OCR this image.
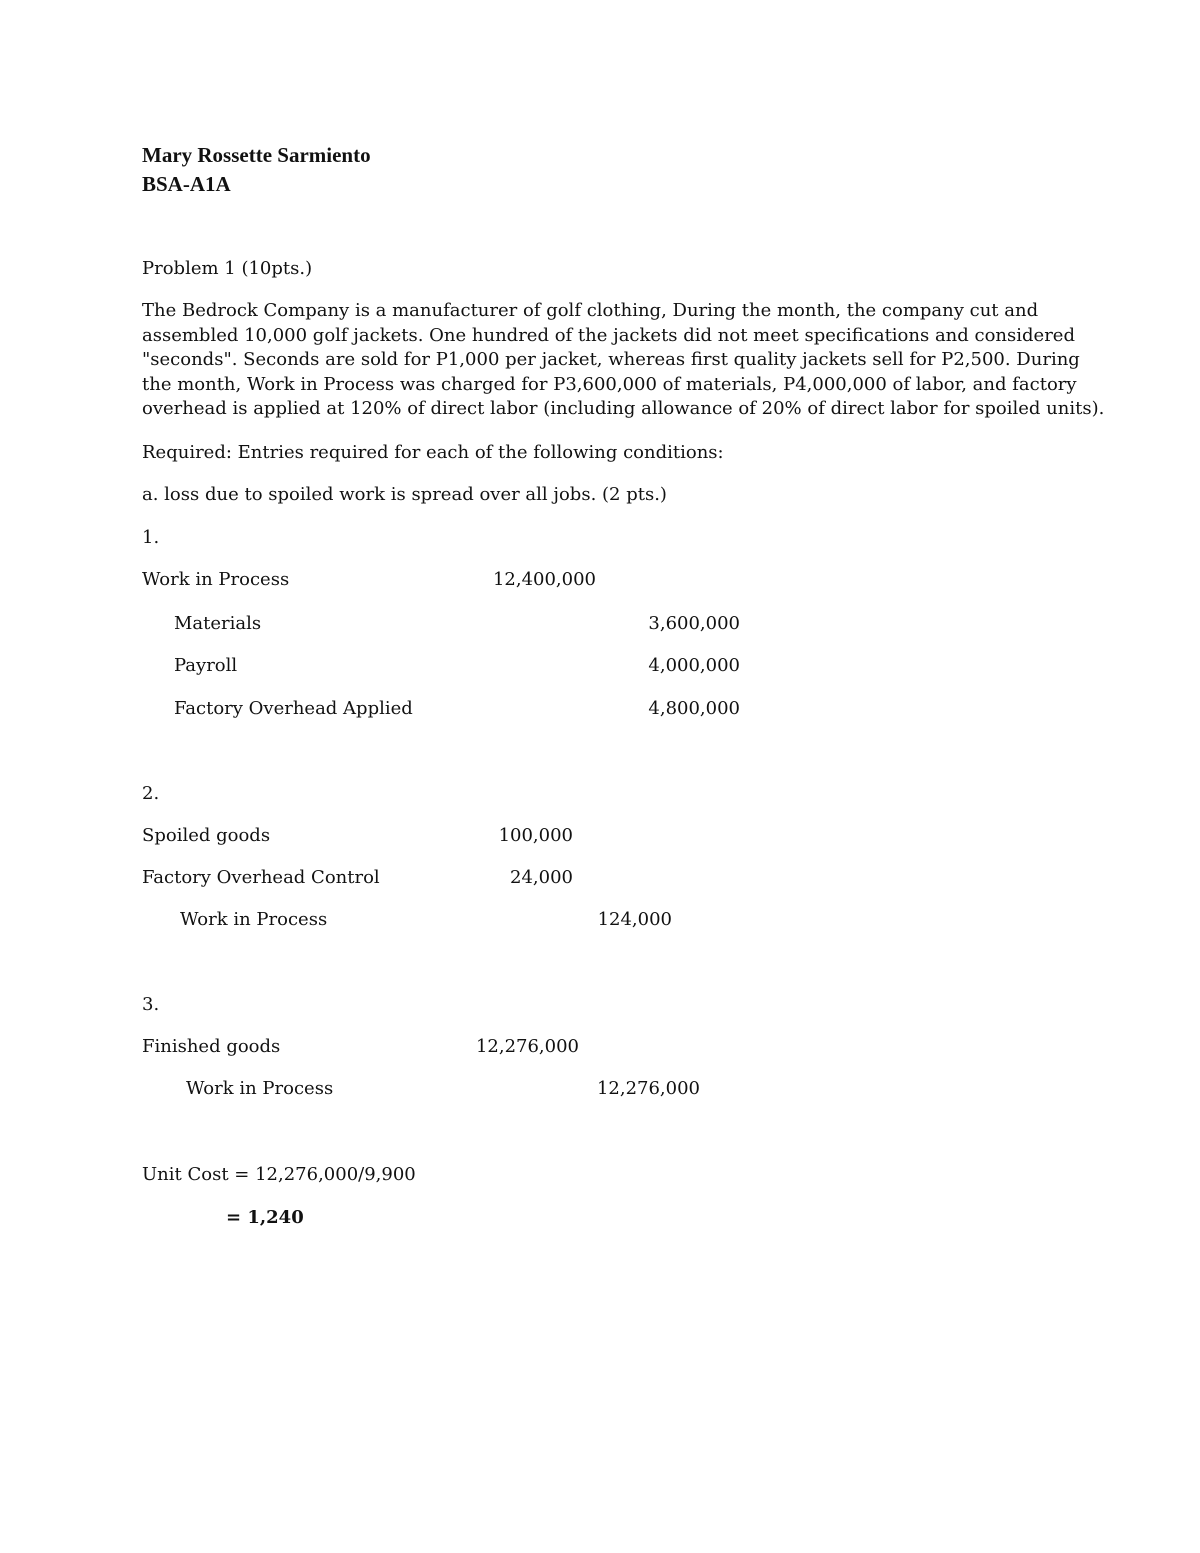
Mary Rossette Sarmiento
BSA-A1A
Problem 1 (10pts.)
The Bedrock Company is a manufacturer of golf clothing, During the month, the company cut and
assembled 10,000 golf jackets. One hundred of the jackets did not meet specifications and considered
"seconds". Seconds are sold for P1,000 per jacket, whereas first quality jackets sell for P2,500. During
the month, Work in Process was charged for P3,600,000 of materials, P4,000,000 of labor, and factory
overhead is applied at 120% of direct labor (including allowance of 20% of direct labor for spoiled units).
Required: Entries required for each of the following conditions:
a. loss due to spoiled work is spread over all jobs. (2 pts.)
1.
Work in Process	12,400,000
Materials	3,600,000
Payroll	4,000,000
Factory Overhead Applied	4,800,000
2.
Spoiled goods	100,000
Factory Overhead Control	24,000
Work in Process	124,000
3.
Finished goods	12,276,000
Work in Process	12,276,000
Unit Cost = 12,276,000/9,900
= 1,240
